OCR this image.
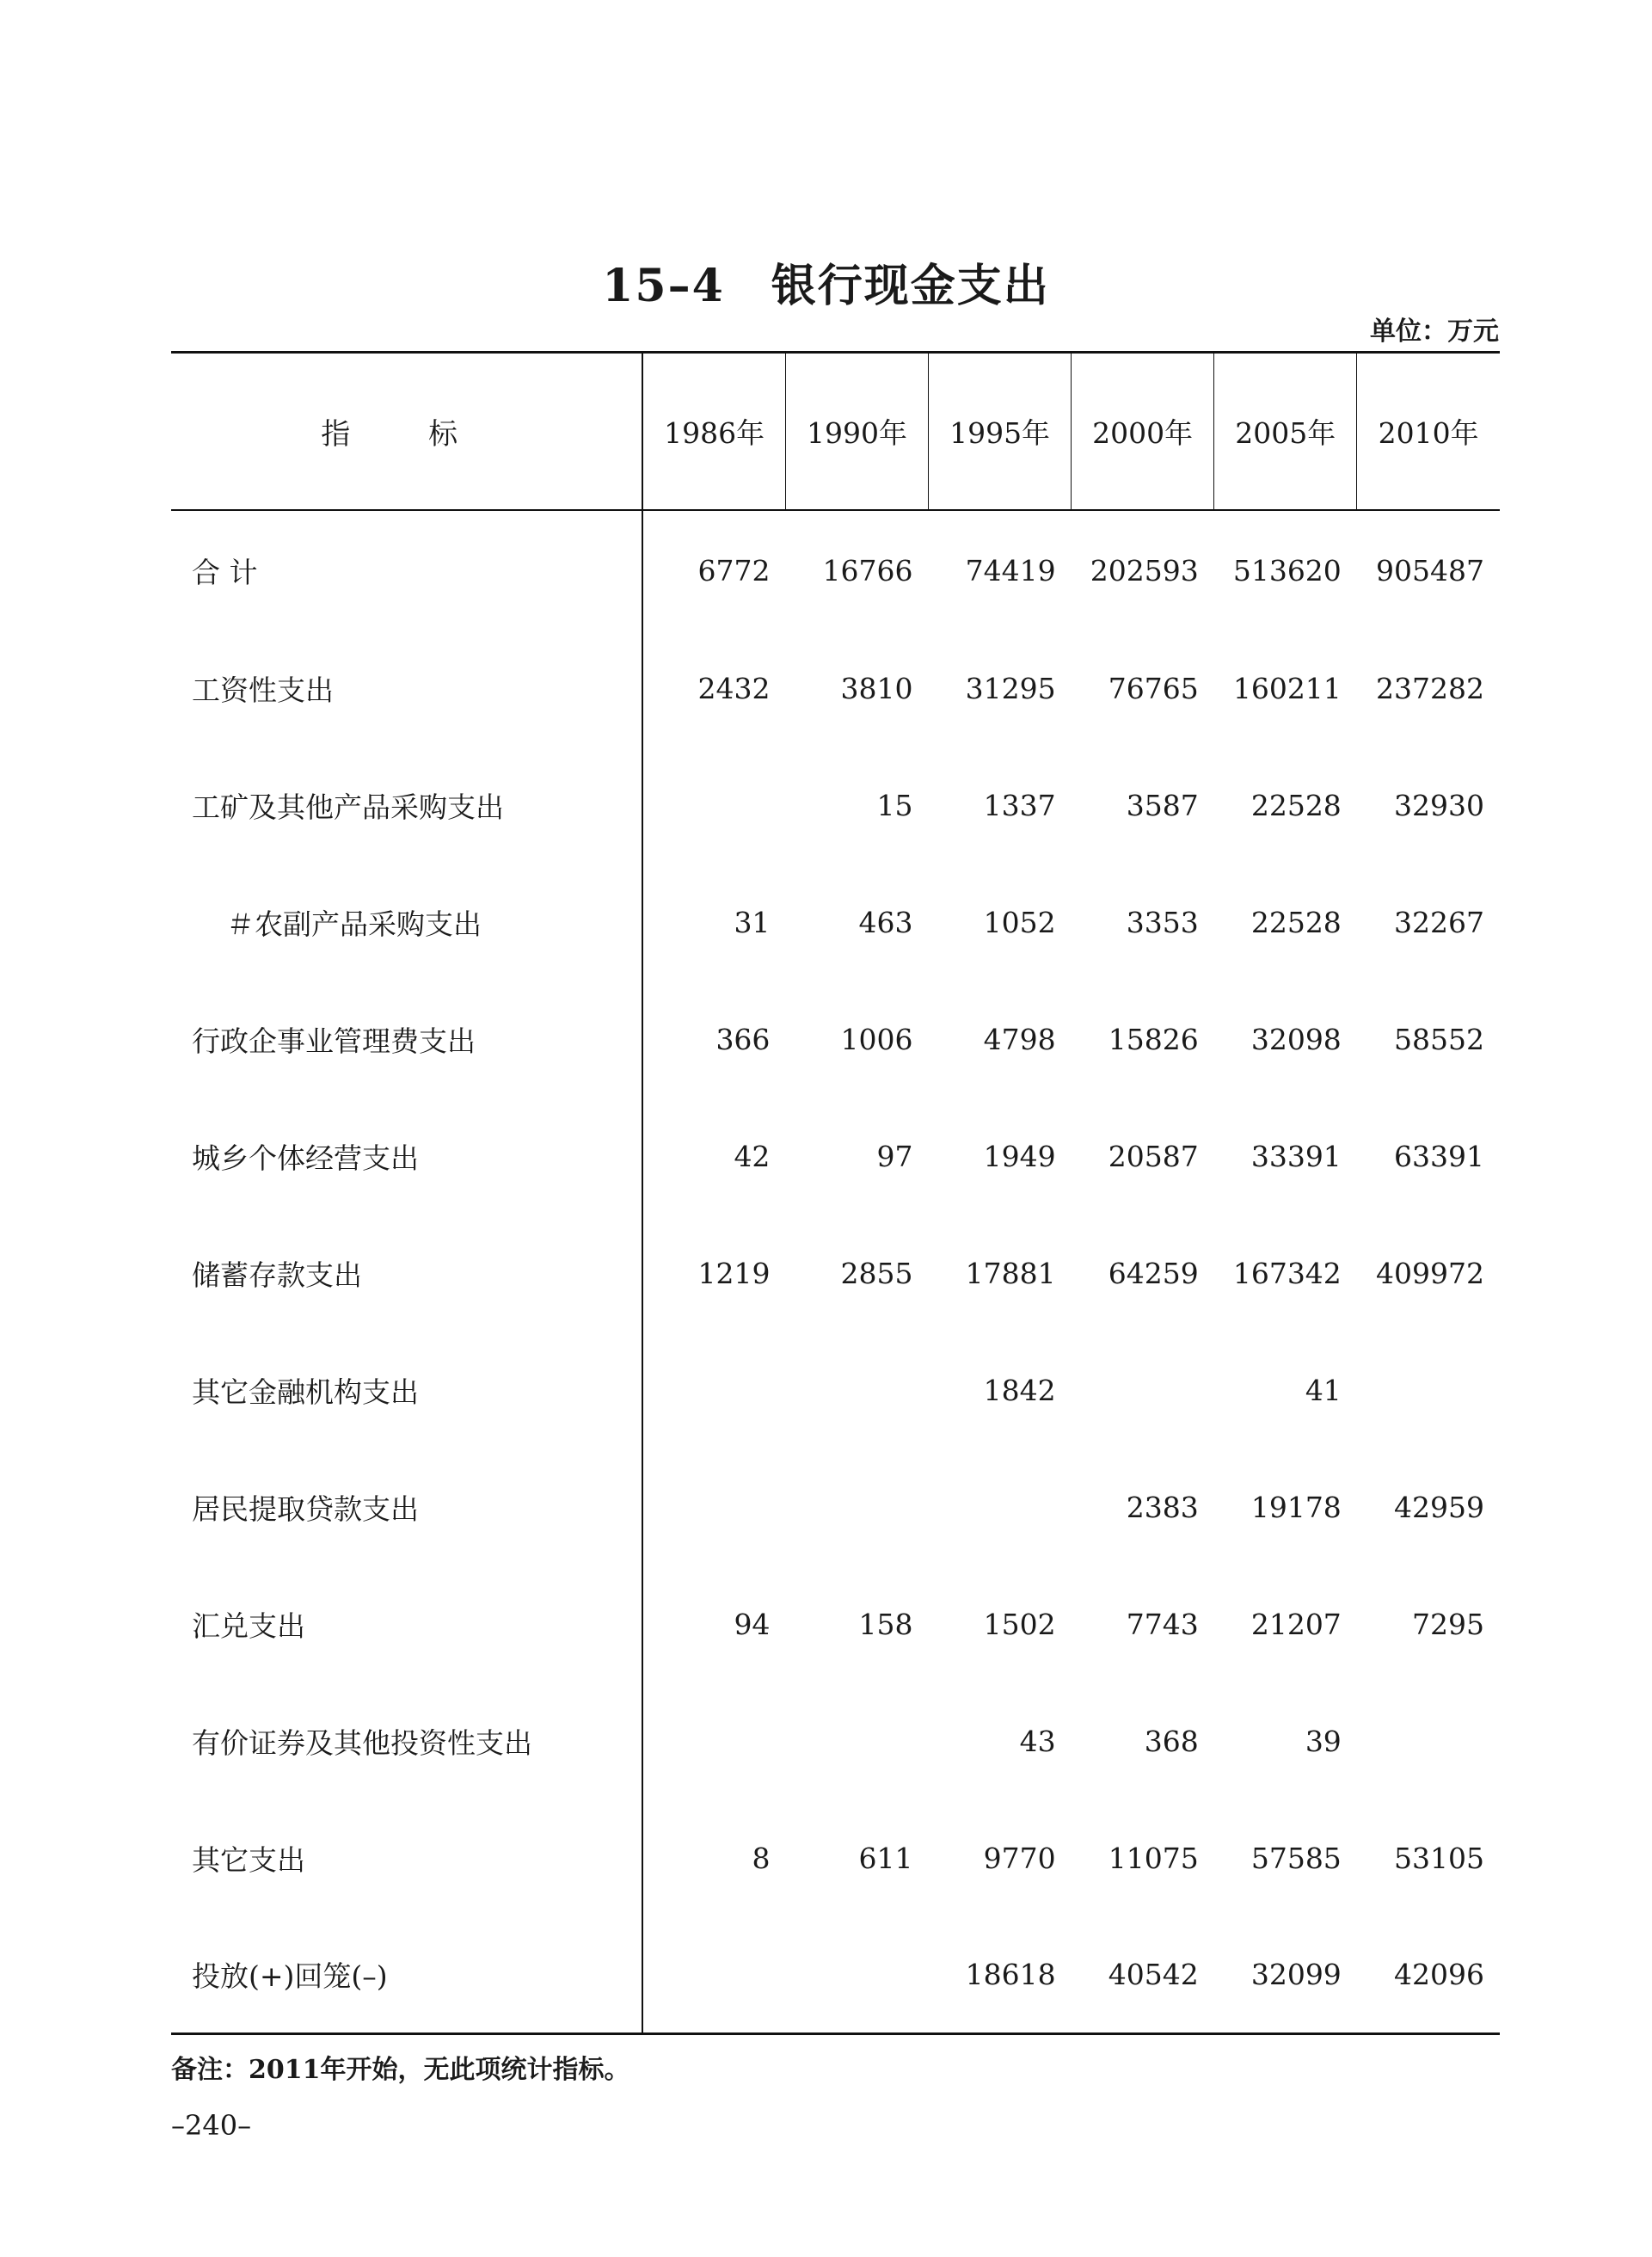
15–4　银行现金支出
单位：万元
指 标	1986年	1990年	1995年	2000年	2005年	2010年
合 计	6772	16766	74419	202593	513620	905487
工资性支出	2432	3810	31295	76765	160211	237282
工矿及其他产品采购支出		15	1337	3587	22528	32930
＃农副产品采购支出	31	463	1052	3353	22528	32267
行政企事业管理费支出	366	1006	4798	15826	32098	58552
城乡个体经营支出	42	97	1949	20587	33391	63391
储蓄存款支出	1219	2855	17881	64259	167342	409972
其它金融机构支出			1842		41	
居民提取贷款支出				2383	19178	42959
汇兑支出	94	158	1502	7743	21207	7295
有价证券及其他投资性支出			43	368	39	
其它支出	8	611	9770	11075	57585	53105
投放(+)回笼(–)			18618	40542	32099	42096
备注：2011年开始，无此项统计指标。
–240–
